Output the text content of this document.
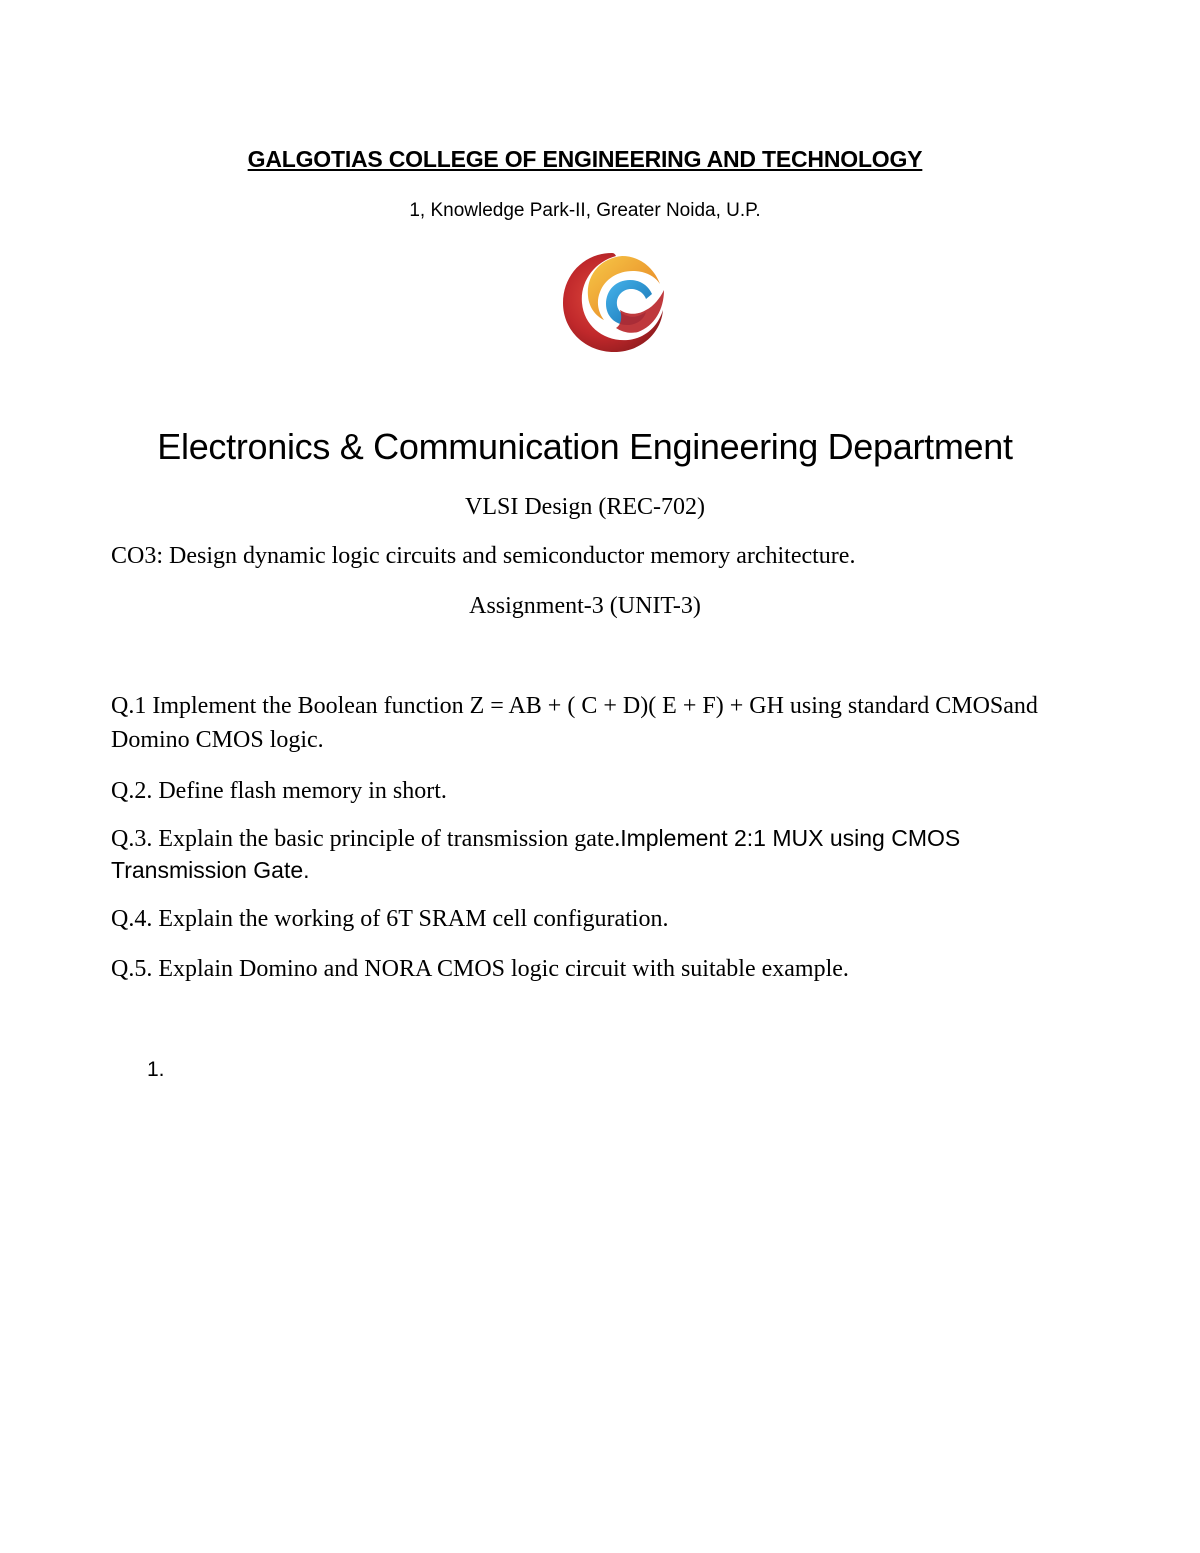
GALGOTIAS COLLEGE OF ENGINEERING AND TECHNOLOGY
1, Knowledge Park-II, Greater Noida, U.P.
Electronics & Communication Engineering Department
VLSI Design (REC-702)
CO3: Design dynamic logic circuits and semiconductor memory architecture.
Assignment-3 (UNIT-3)
Q.1 Implement the Boolean function Z = AB + ( C + D)( E + F) + GH using standard CMOSand Domino CMOS logic.
Q.2. Define flash memory in short.
Q.3. Explain the basic principle of transmission gate.Implement 2:1 MUX using CMOS Transmission Gate.
Q.4. Explain the working of 6T SRAM cell configuration.
Q.5. Explain Domino and NORA CMOS logic circuit with suitable example.
1.
